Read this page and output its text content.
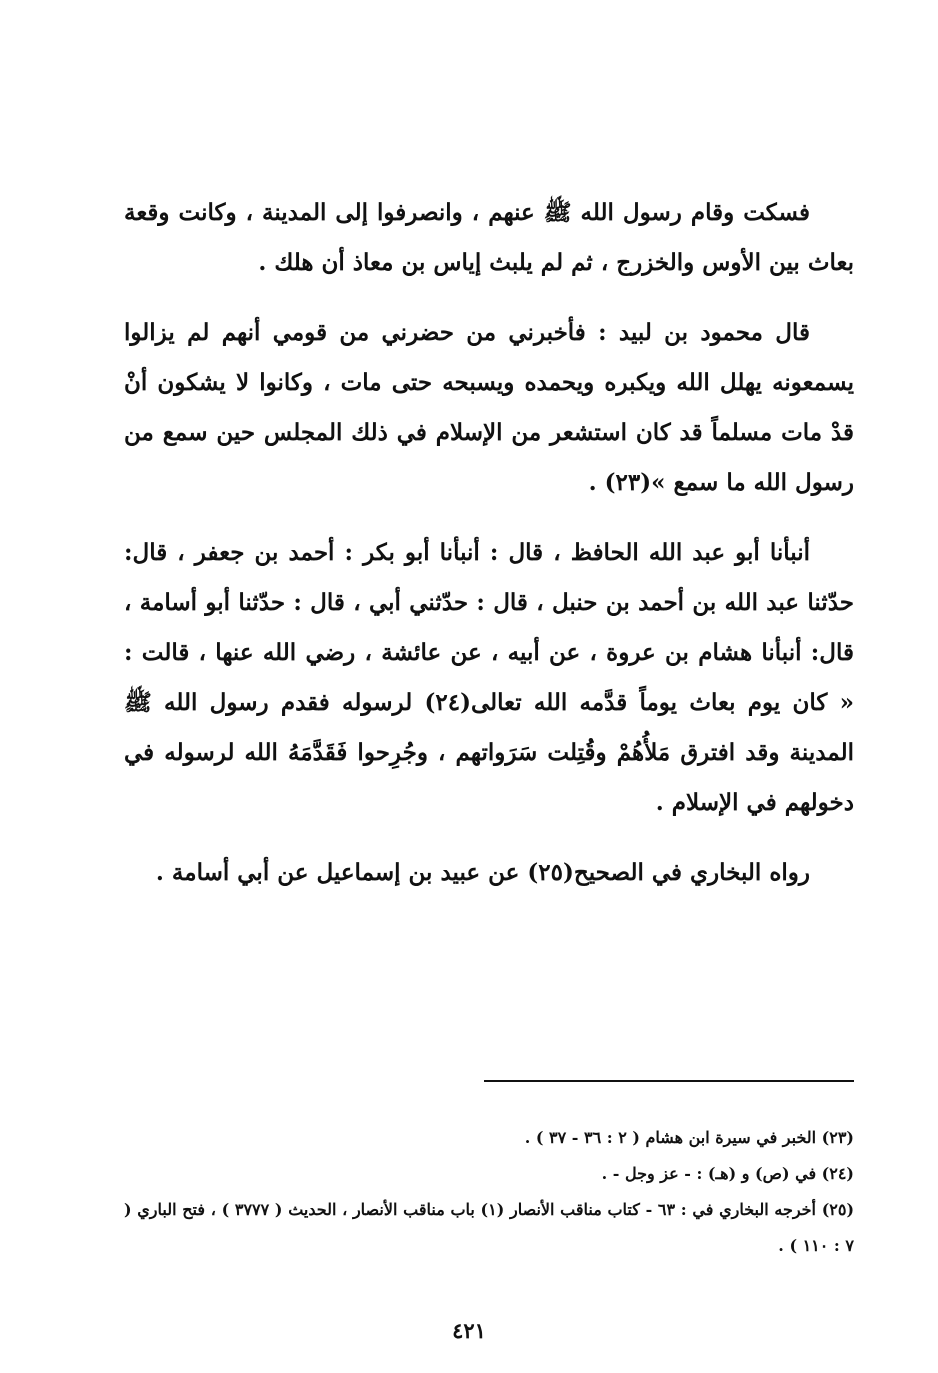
فسكت وقام رسول الله ﷺ عنهم ، وانصرفوا إلى المدينة ، وكانت وقعة بعاث بين الأوس والخزرج ، ثم لم يلبث إياس بن معاذ أن هلك .

قال محمود بن لبيد : فأخبرني من حضرني من قومي أنهم لم يزالوا يسمعونه يهلل الله ويكبره ويحمده ويسبحه حتى مات ، وكانوا لا يشكون أنْ قدْ مات مسلماً قد كان استشعر من الإسلام في ذلك المجلس حين سمع من رسول الله ما سمع »(٢٣) .

أنبأنا أبو عبد الله الحافظ ، قال : أنبأنا أبو بكر : أحمد بن جعفر ، قال: حدّثنا عبد الله بن أحمد بن حنبل ، قال : حدّثني أبي ، قال : حدّثنا أبو أسامة ، قال: أنبأنا هشام بن عروة ، عن أبيه ، عن عائشة ، رضي الله عنها ، قالت : « كان يوم بعاث يوماً قدَّمه الله تعالى(٢٤) لرسوله فقدم رسول الله ﷺ المدينة وقد افترق مَلأُهُمْ وقُتِلت سَرَواتهم ، وجُرِحوا فَقَدَّمَهُ الله لرسوله في دخولهم في الإسلام .

رواه البخاري في الصحيح(٢٥) عن عبيد بن إسماعيل عن أبي أسامة .

(٢٣) الخبر في سيرة ابن هشام ( ٢ : ٣٦ - ٣٧ ) .

(٢٤) في (ص) و (هـ) : - عز وجل - .

(٢٥) أخرجه البخاري في : ٦٣ - كتاب مناقب الأنصار (١) باب مناقب الأنصار ، الحديث ( ٣٧٧٧ ) ، فتح الباري ( ٧ : ١١٠ ) .

٤٢١
